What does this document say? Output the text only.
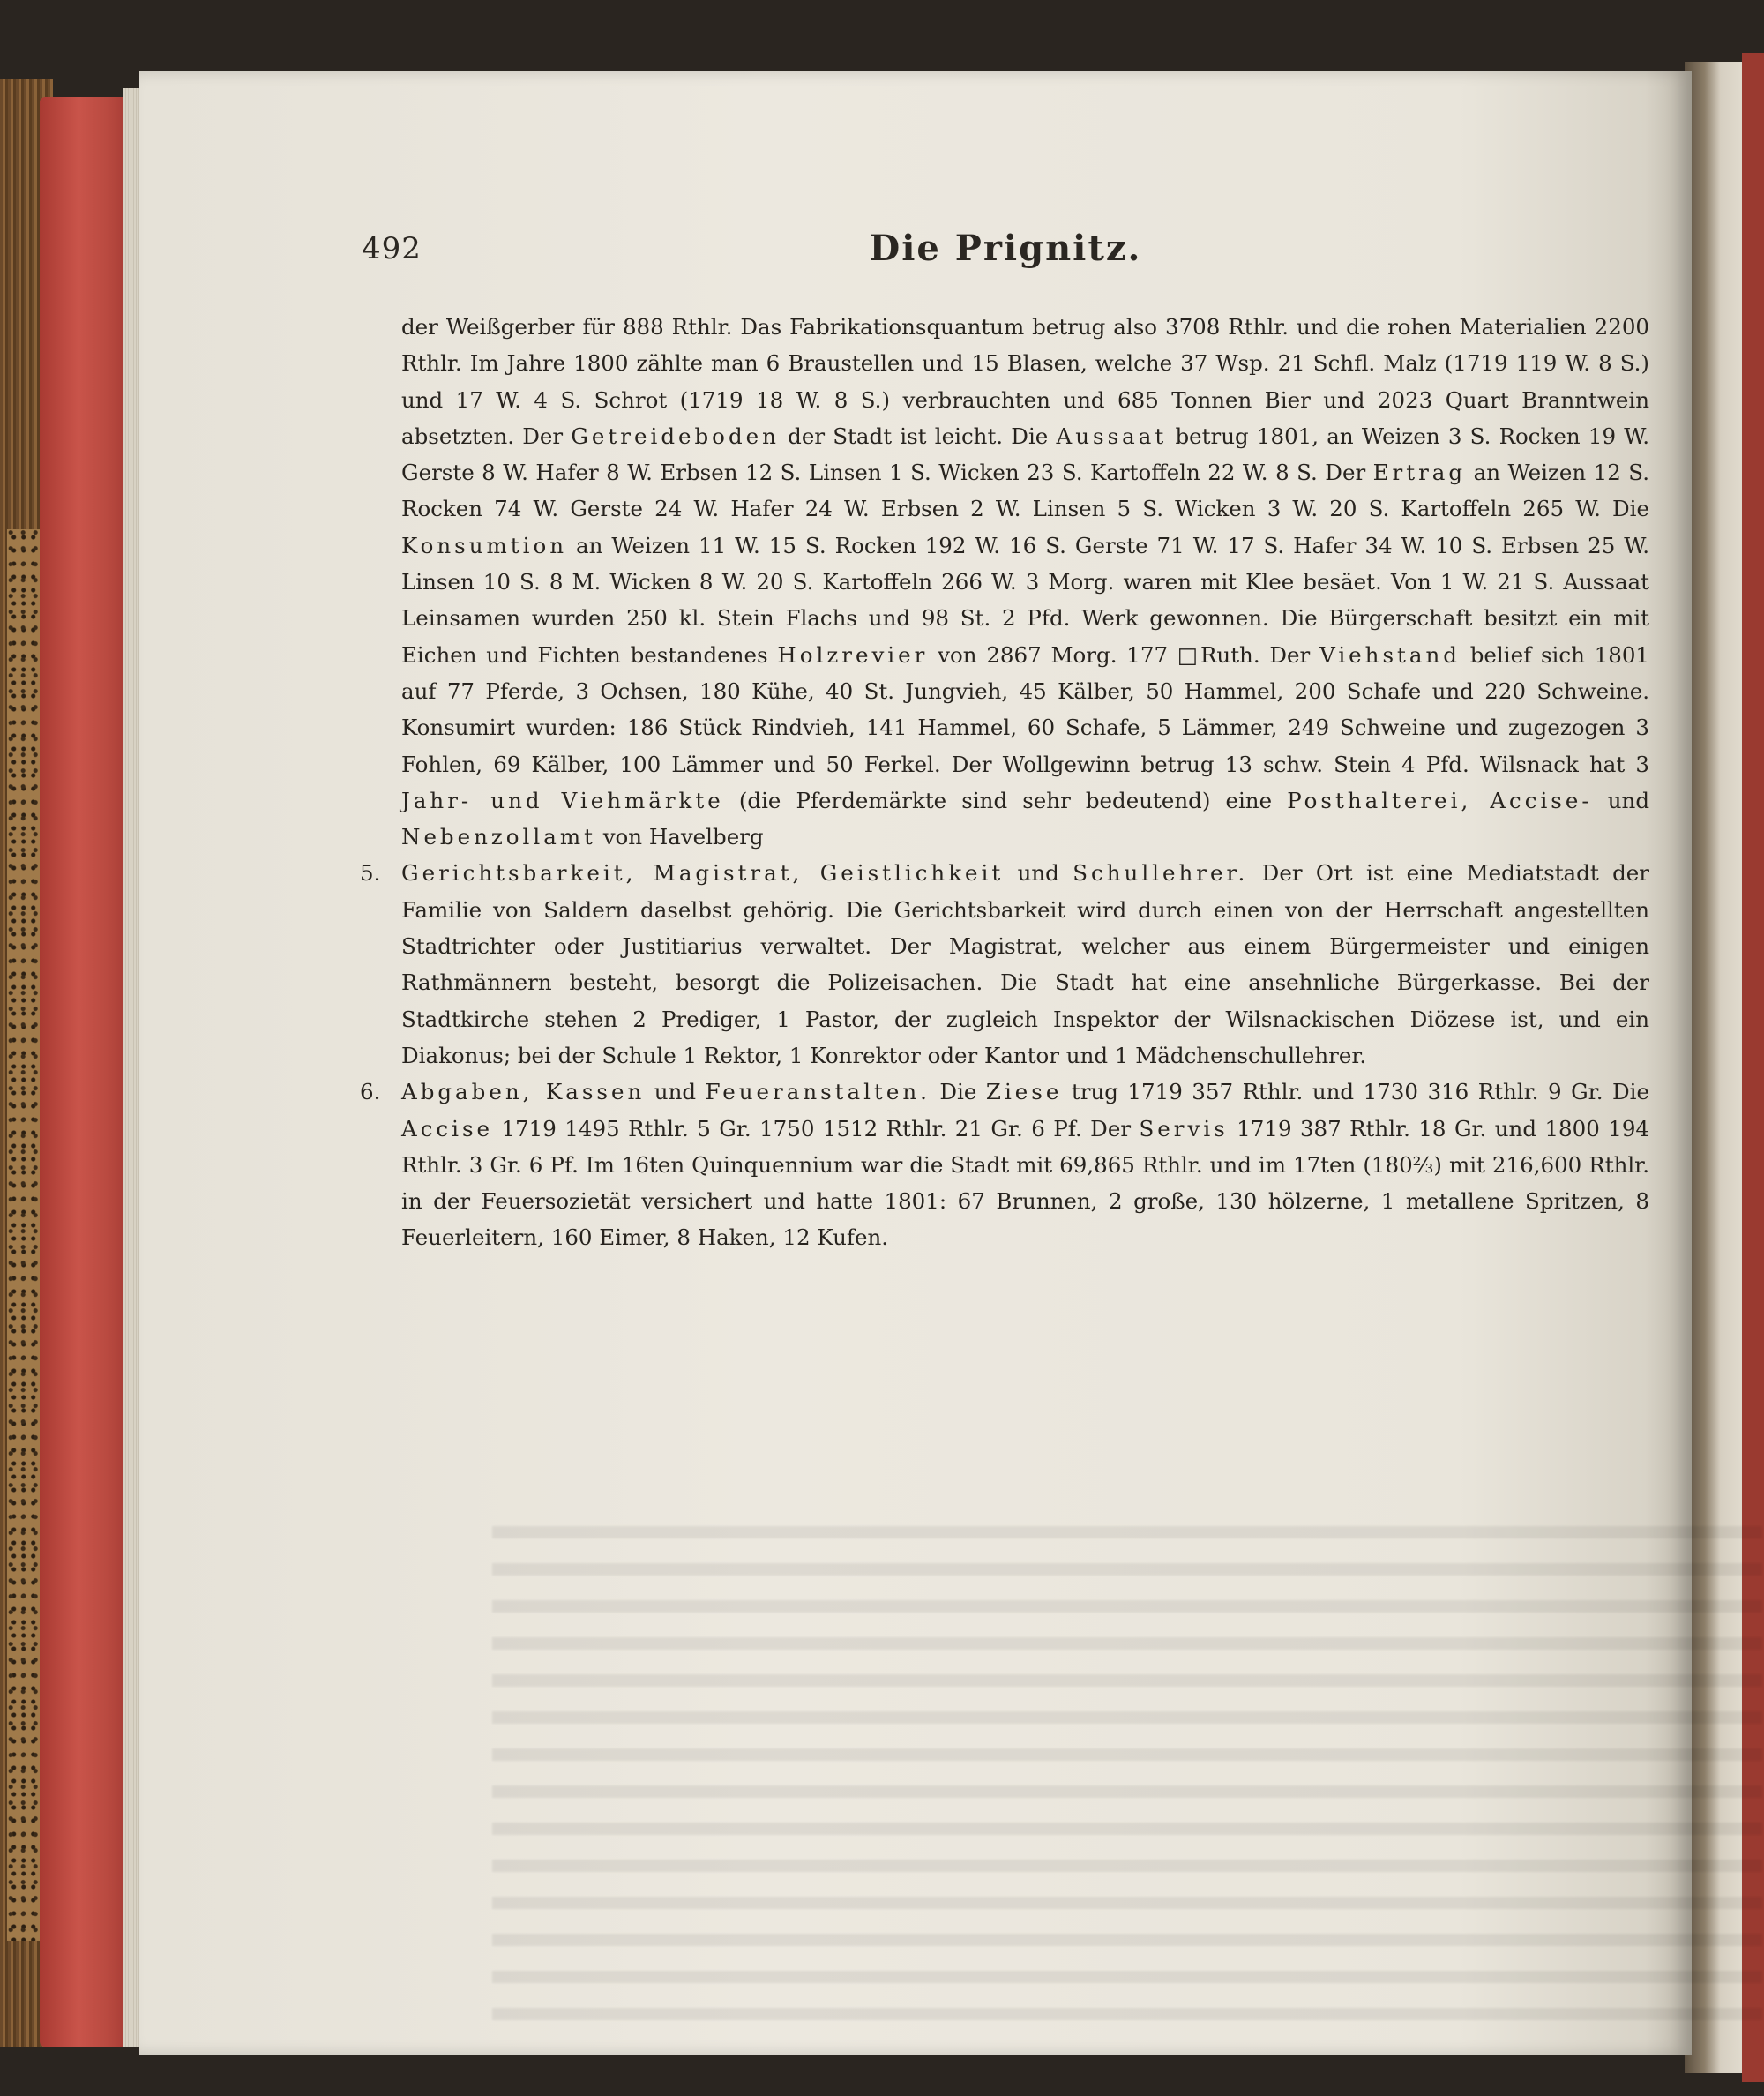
492	Die Prignitz.

der Weißgerber für 888 Rthlr. Das Fabrikationsquantum betrug also 3708 Rthlr. und die rohen Materialien 2200 Rthlr. Im Jahre 1800 zählte man 6 Braustellen und 15 Blasen, welche 37 Wsp. 21 Schfl. Malz (1719 119 W. 8 S.) und 17 W. 4 S. Schrot (1719 18 W. 8 S.) verbrauchten und 685 Tonnen Bier und 2023 Quart Branntwein absetzten. Der Getreideboden der Stadt ist leicht. Die Aussaat betrug 1801, an Weizen 3 S. Rocken 19 W. Gerste 8 W. Hafer 8 W. Erbsen 12 S. Linsen 1 S. Wicken 23 S. Kartoffeln 22 W. 8 S. Der Ertrag an Weizen 12 S. Rocken 74 W. Gerste 24 W. Hafer 24 W. Erbsen 2 W. Linsen 5 S. Wicken 3 W. 20 S. Kartoffeln 265 W. Die Konsumtion an Weizen 11 W. 15 S. Rocken 192 W. 16 S. Gerste 71 W. 17 S. Hafer 34 W. 10 S. Erbsen 25 W. Linsen 10 S. 8 M. Wicken 8 W. 20 S. Kartoffeln 266 W. 3 Morg. waren mit Klee besäet. Von 1 W. 21 S. Aussaat Leinsamen wurden 250 kl. Stein Flachs und 98 St. 2 Pfd. Werk gewonnen. Die Bürgerschaft besitzt ein mit Eichen und Fichten bestandenes Holzrevier von 2867 Morg. 177 □Ruth. Der Viehstand belief sich 1801 auf 77 Pferde, 3 Ochsen, 180 Kühe, 40 St. Jungvieh, 45 Kälber, 50 Hammel, 200 Schafe und 220 Schweine. Konsumirt wurden: 186 Stück Rindvieh, 141 Hammel, 60 Schafe, 5 Lämmer, 249 Schweine und zugezogen 3 Fohlen, 69 Kälber, 100 Lämmer und 50 Ferkel. Der Wollgewinn betrug 13 schw. Stein 4 Pfd. Wilsnack hat 3 Jahr- und Viehmärkte (die Pferdemärkte sind sehr bedeutend) eine Posthalterei, Accise- und Nebenzollamt von Havelberg

5. Gerichtsbarkeit, Magistrat, Geistlichkeit und Schullehrer. Der Ort ist eine Mediatstadt der Familie von Saldern daselbst gehörig. Die Gerichtsbarkeit wird durch einen von der Herrschaft angestellten Stadtrichter oder Justitiarius verwaltet. Der Magistrat, welcher aus einem Bürgermeister und einigen Rathmännern besteht, besorgt die Polizeisachen. Die Stadt hat eine ansehnliche Bürgerkasse. Bei der Stadtkirche stehen 2 Prediger, 1 Pastor, der zugleich Inspektor der Wilsnackischen Diözese ist, und ein Diakonus; bei der Schule 1 Rektor, 1 Konrektor oder Kantor und 1 Mädchenschullehrer.

6. Abgaben, Kassen und Feueranstalten. Die Ziese trug 1719 357 Rthlr. und 1730 316 Rthlr. 9 Gr. Die Accise 1719 1495 Rthlr. 5 Gr. 1750 1512 Rthlr. 21 Gr. 6 Pf. Der Servis 1719 387 Rthlr. 18 Gr. und 1800 194 Rthlr. 3 Gr. 6 Pf. Im 16ten Quinquennium war die Stadt mit 69,865 Rthlr. und im 17ten (180⅔) mit 216,600 Rthlr. in der Feuersozietät versichert und hatte 1801: 67 Brunnen, 2 große, 130 hölzerne, 1 metallene Spritzen, 8 Feuerleitern, 160 Eimer, 8 Haken, 12 Kufen.
